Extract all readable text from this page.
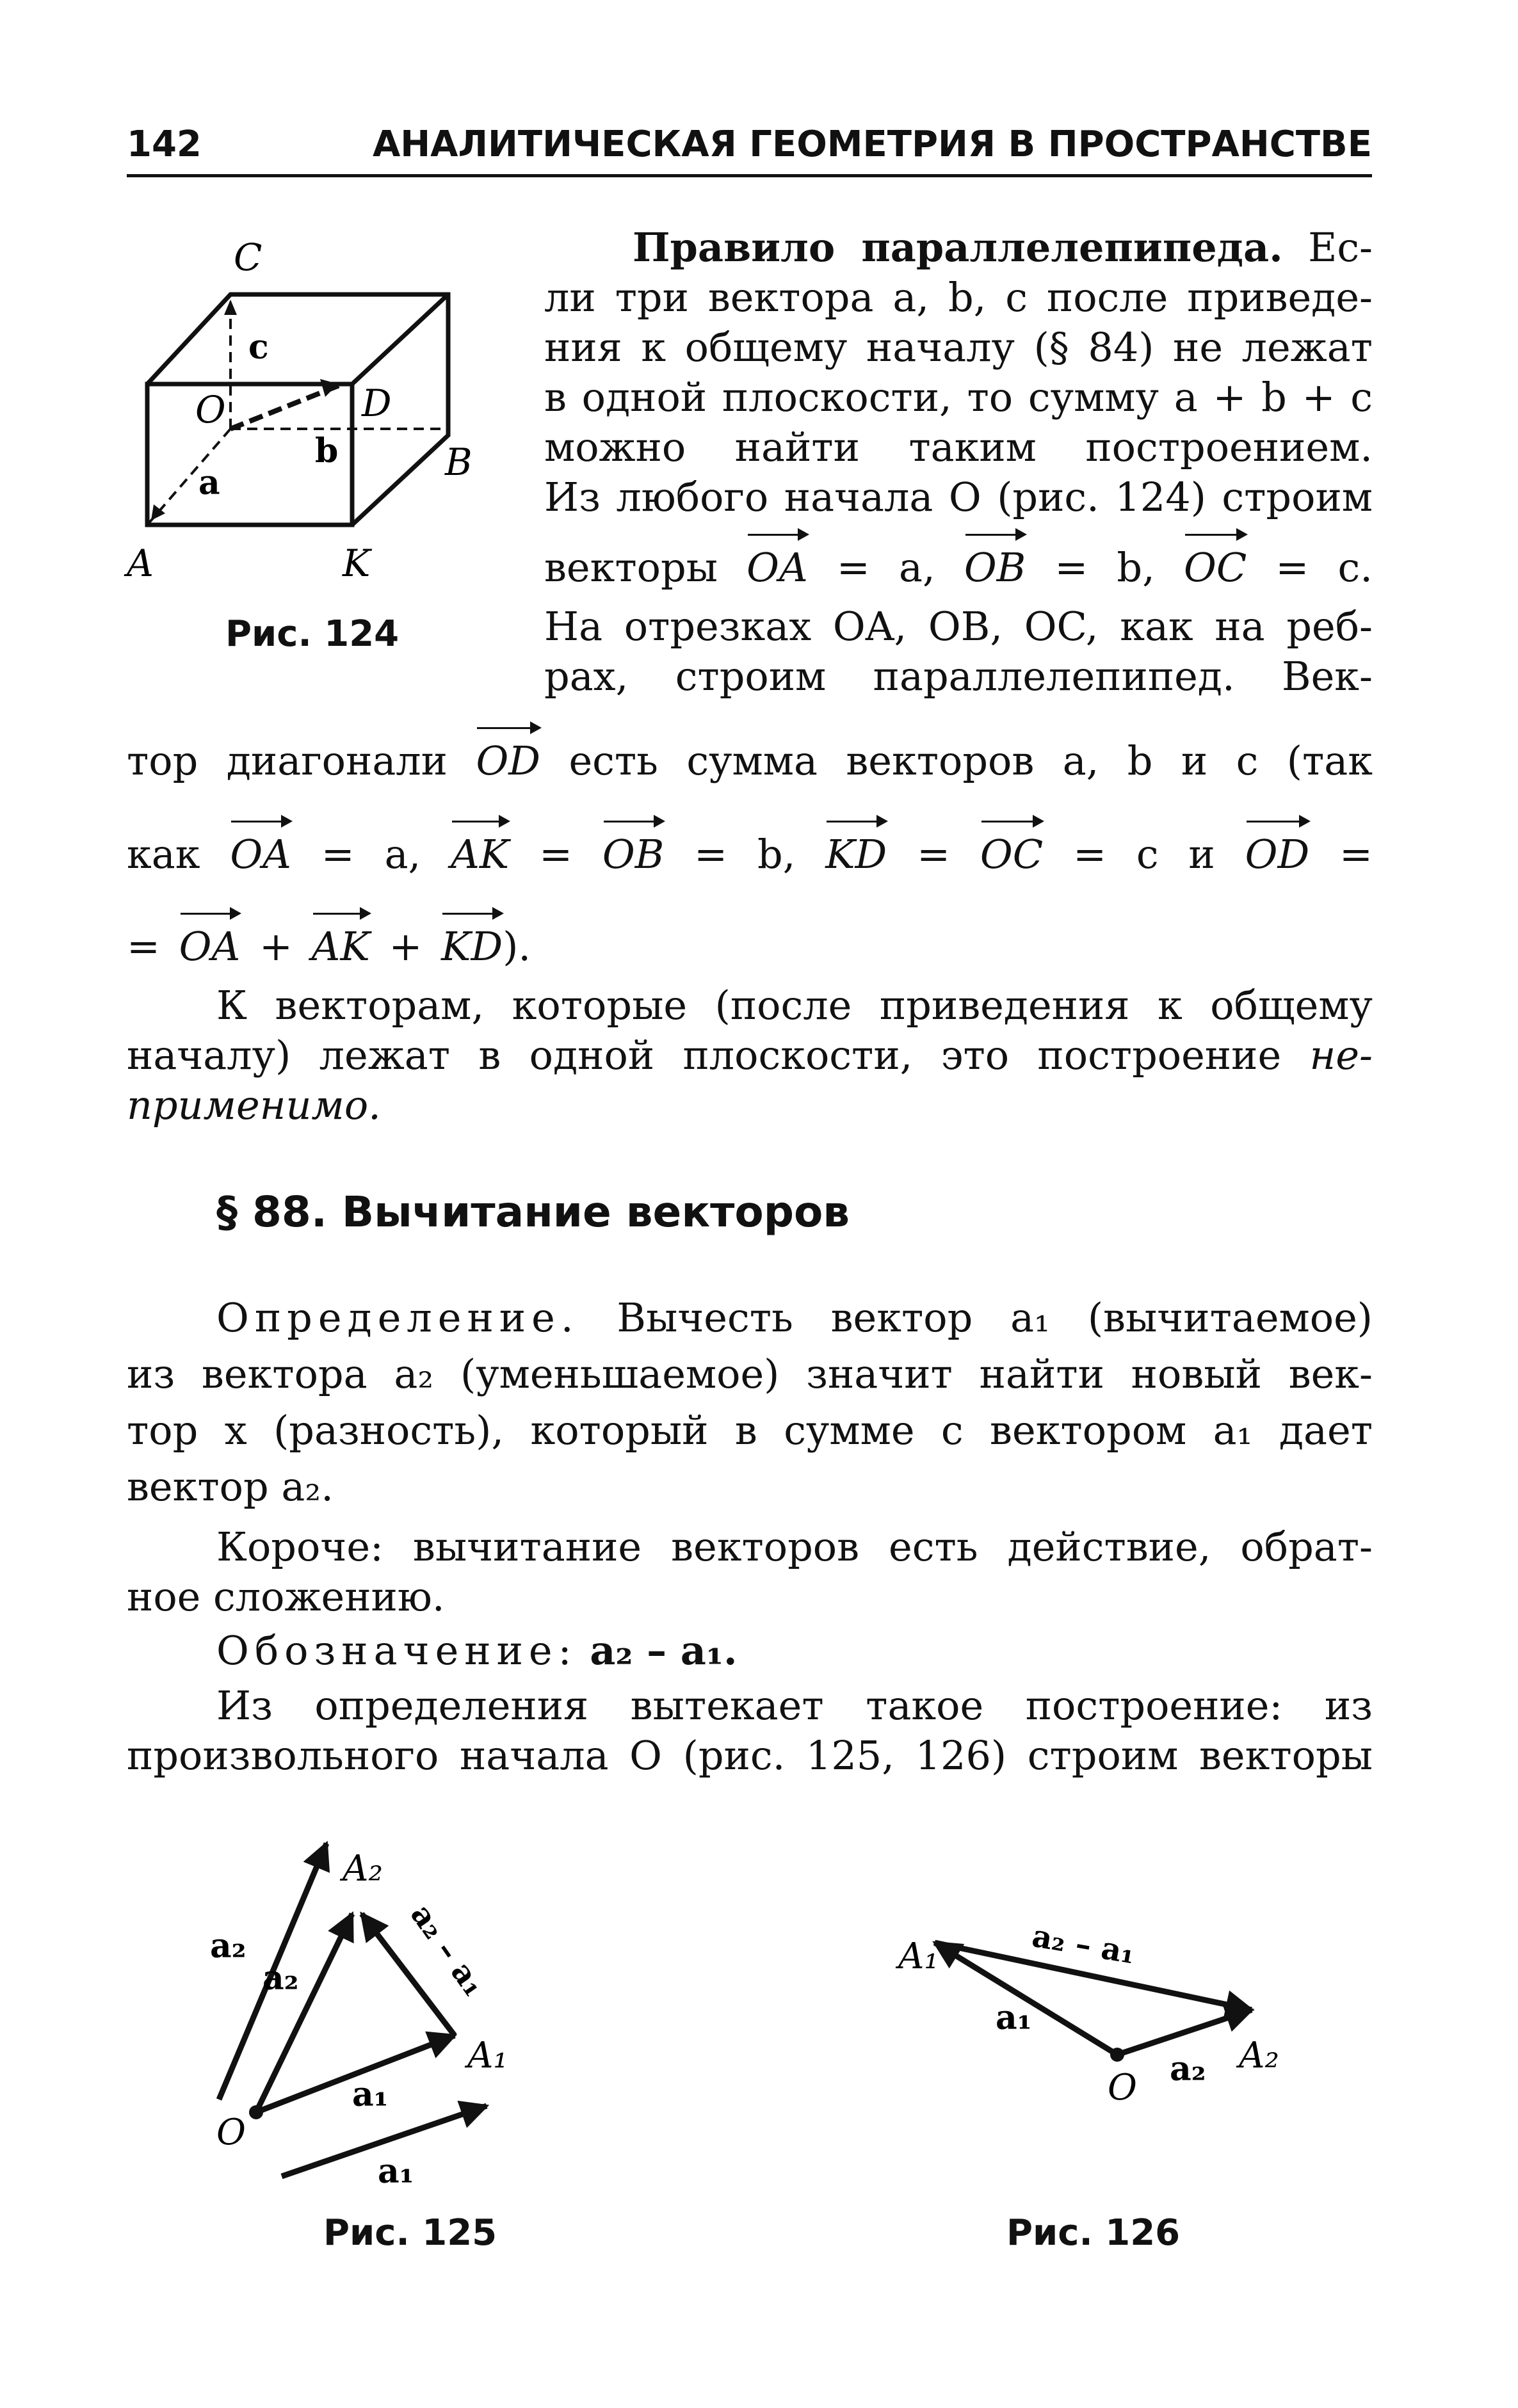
142	АНАЛИТИЧЕСКАЯ ГЕОМЕТРИЯ В ПРОСТРАНСТВЕ
C
c
O	D
b
a	B
A	K
Рис. 124

Правило параллелепипеда. Ес-

ли три вектора a, b, c после приведе-

ния к общему началу (§ 84) не лежат

в одной плоскости, то сумму a + b + c

можно найти таким построением.

Из любого начала O (рис. 124) строим

векторы OA = a, OB = b, OC = c.

На отрезках OA, OB, OC, как на реб-

рах, строим параллелепипед. Век-

тор диагонали OD есть сумма векторов a, b и c (так

как OA = a, AK = OB = b, KD = OC = c и OD =

= OA + AK + KD).

К векторам, которые (после приведения к общему

началу) лежат в одной плоскости, это построение не-

применимо.

§ 88. Вычитание векторов

Определение. Вычесть вектор a₁ (вычитаемое)

из вектора a₂ (уменьшаемое) значит найти новый век-

тор x (разность), который в сумме с вектором a₁ дает

вектор a₂.

Короче: вычитание векторов есть действие, обрат-

ное сложению.

Обозначение: a₂ – a₁.

Из определения вытекает такое построение: из

произвольного начала O (рис. 125, 126) строим векторы

A₂
a₂
a₂	a₂ – a₁
A₁
a₁
O
a₁
Рис. 125
A₁	a₂ – a₁
a₁
O a₂ A₂
Рис. 126
